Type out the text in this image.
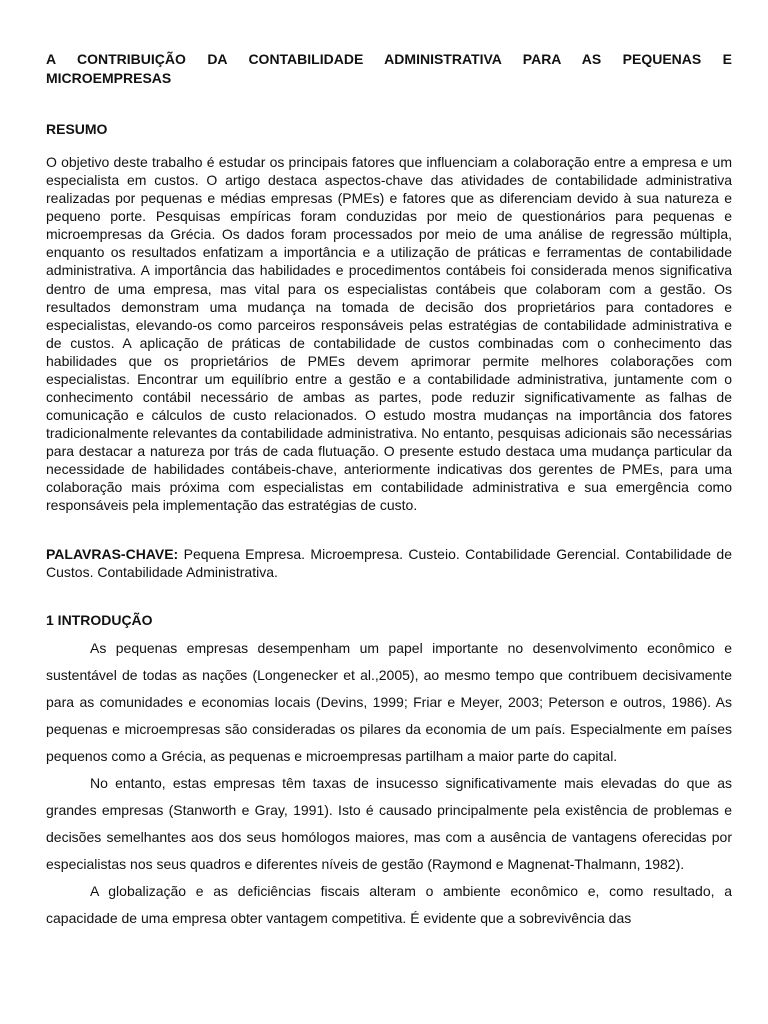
A CONTRIBUIÇÃO DA CONTABILIDADE ADMINISTRATIVA PARA AS PEQUENAS E MICROEMPRESAS
RESUMO

O objetivo deste trabalho é estudar os principais fatores que influenciam a colaboração entre a empresa e um especialista em custos. O artigo destaca aspectos-chave das atividades de contabilidade administrativa realizadas por pequenas e médias empresas (PMEs) e fatores que as diferenciam devido à sua natureza e pequeno porte. Pesquisas empíricas foram conduzidas por meio de questionários para pequenas e microempresas da Grécia. Os dados foram processados por meio de uma análise de regressão múltipla, enquanto os resultados enfatizam a importância e a utilização de práticas e ferramentas de contabilidade administrativa. A importância das habilidades e procedimentos contábeis foi considerada menos significativa dentro de uma empresa, mas vital para os especialistas contábeis que colaboram com a gestão. Os resultados demonstram uma mudança na tomada de decisão dos proprietários para contadores e especialistas, elevando-os como parceiros responsáveis pelas estratégias de contabilidade administrativa e de custos. A aplicação de práticas de contabilidade de custos combinadas com o conhecimento das habilidades que os proprietários de PMEs devem aprimorar permite melhores colaborações com especialistas. Encontrar um equilíbrio entre a gestão e a contabilidade administrativa, juntamente com o conhecimento contábil necessário de ambas as partes, pode reduzir significativamente as falhas de comunicação e cálculos de custo relacionados. O estudo mostra mudanças na importância dos fatores tradicionalmente relevantes da contabilidade administrativa. No entanto, pesquisas adicionais são necessárias para destacar a natureza por trás de cada flutuação. O presente estudo destaca uma mudança particular da necessidade de habilidades contábeis-chave, anteriormente indicativas dos gerentes de PMEs, para uma colaboração mais próxima com especialistas em contabilidade administrativa e sua emergência como responsáveis pela implementação das estratégias de custo.

PALAVRAS-CHAVE: Pequena Empresa. Microempresa. Custeio. Contabilidade Gerencial. Contabilidade de Custos. Contabilidade Administrativa.

1 INTRODUÇÃO

As pequenas empresas desempenham um papel importante no desenvolvimento econômico e sustentável de todas as nações (Longenecker et al.,2005), ao mesmo tempo que contribuem decisivamente para as comunidades e economias locais (Devins, 1999; Friar e Meyer, 2003; Peterson e outros, 1986). As pequenas e microempresas são consideradas os pilares da economia de um país. Especialmente em países pequenos como a Grécia, as pequenas e microempresas partilham a maior parte do capital.

No entanto, estas empresas têm taxas de insucesso significativamente mais elevadas do que as grandes empresas (Stanworth e Gray, 1991). Isto é causado principalmente pela existência de problemas e decisões semelhantes aos dos seus homólogos maiores, mas com a ausência de vantagens oferecidas por especialistas nos seus quadros e diferentes níveis de gestão (Raymond e Magnenat-Thalmann, 1982).

A globalização e as deficiências fiscais alteram o ambiente econômico e, como resultado, a capacidade de uma empresa obter vantagem competitiva. É evidente que a sobrevivência das
